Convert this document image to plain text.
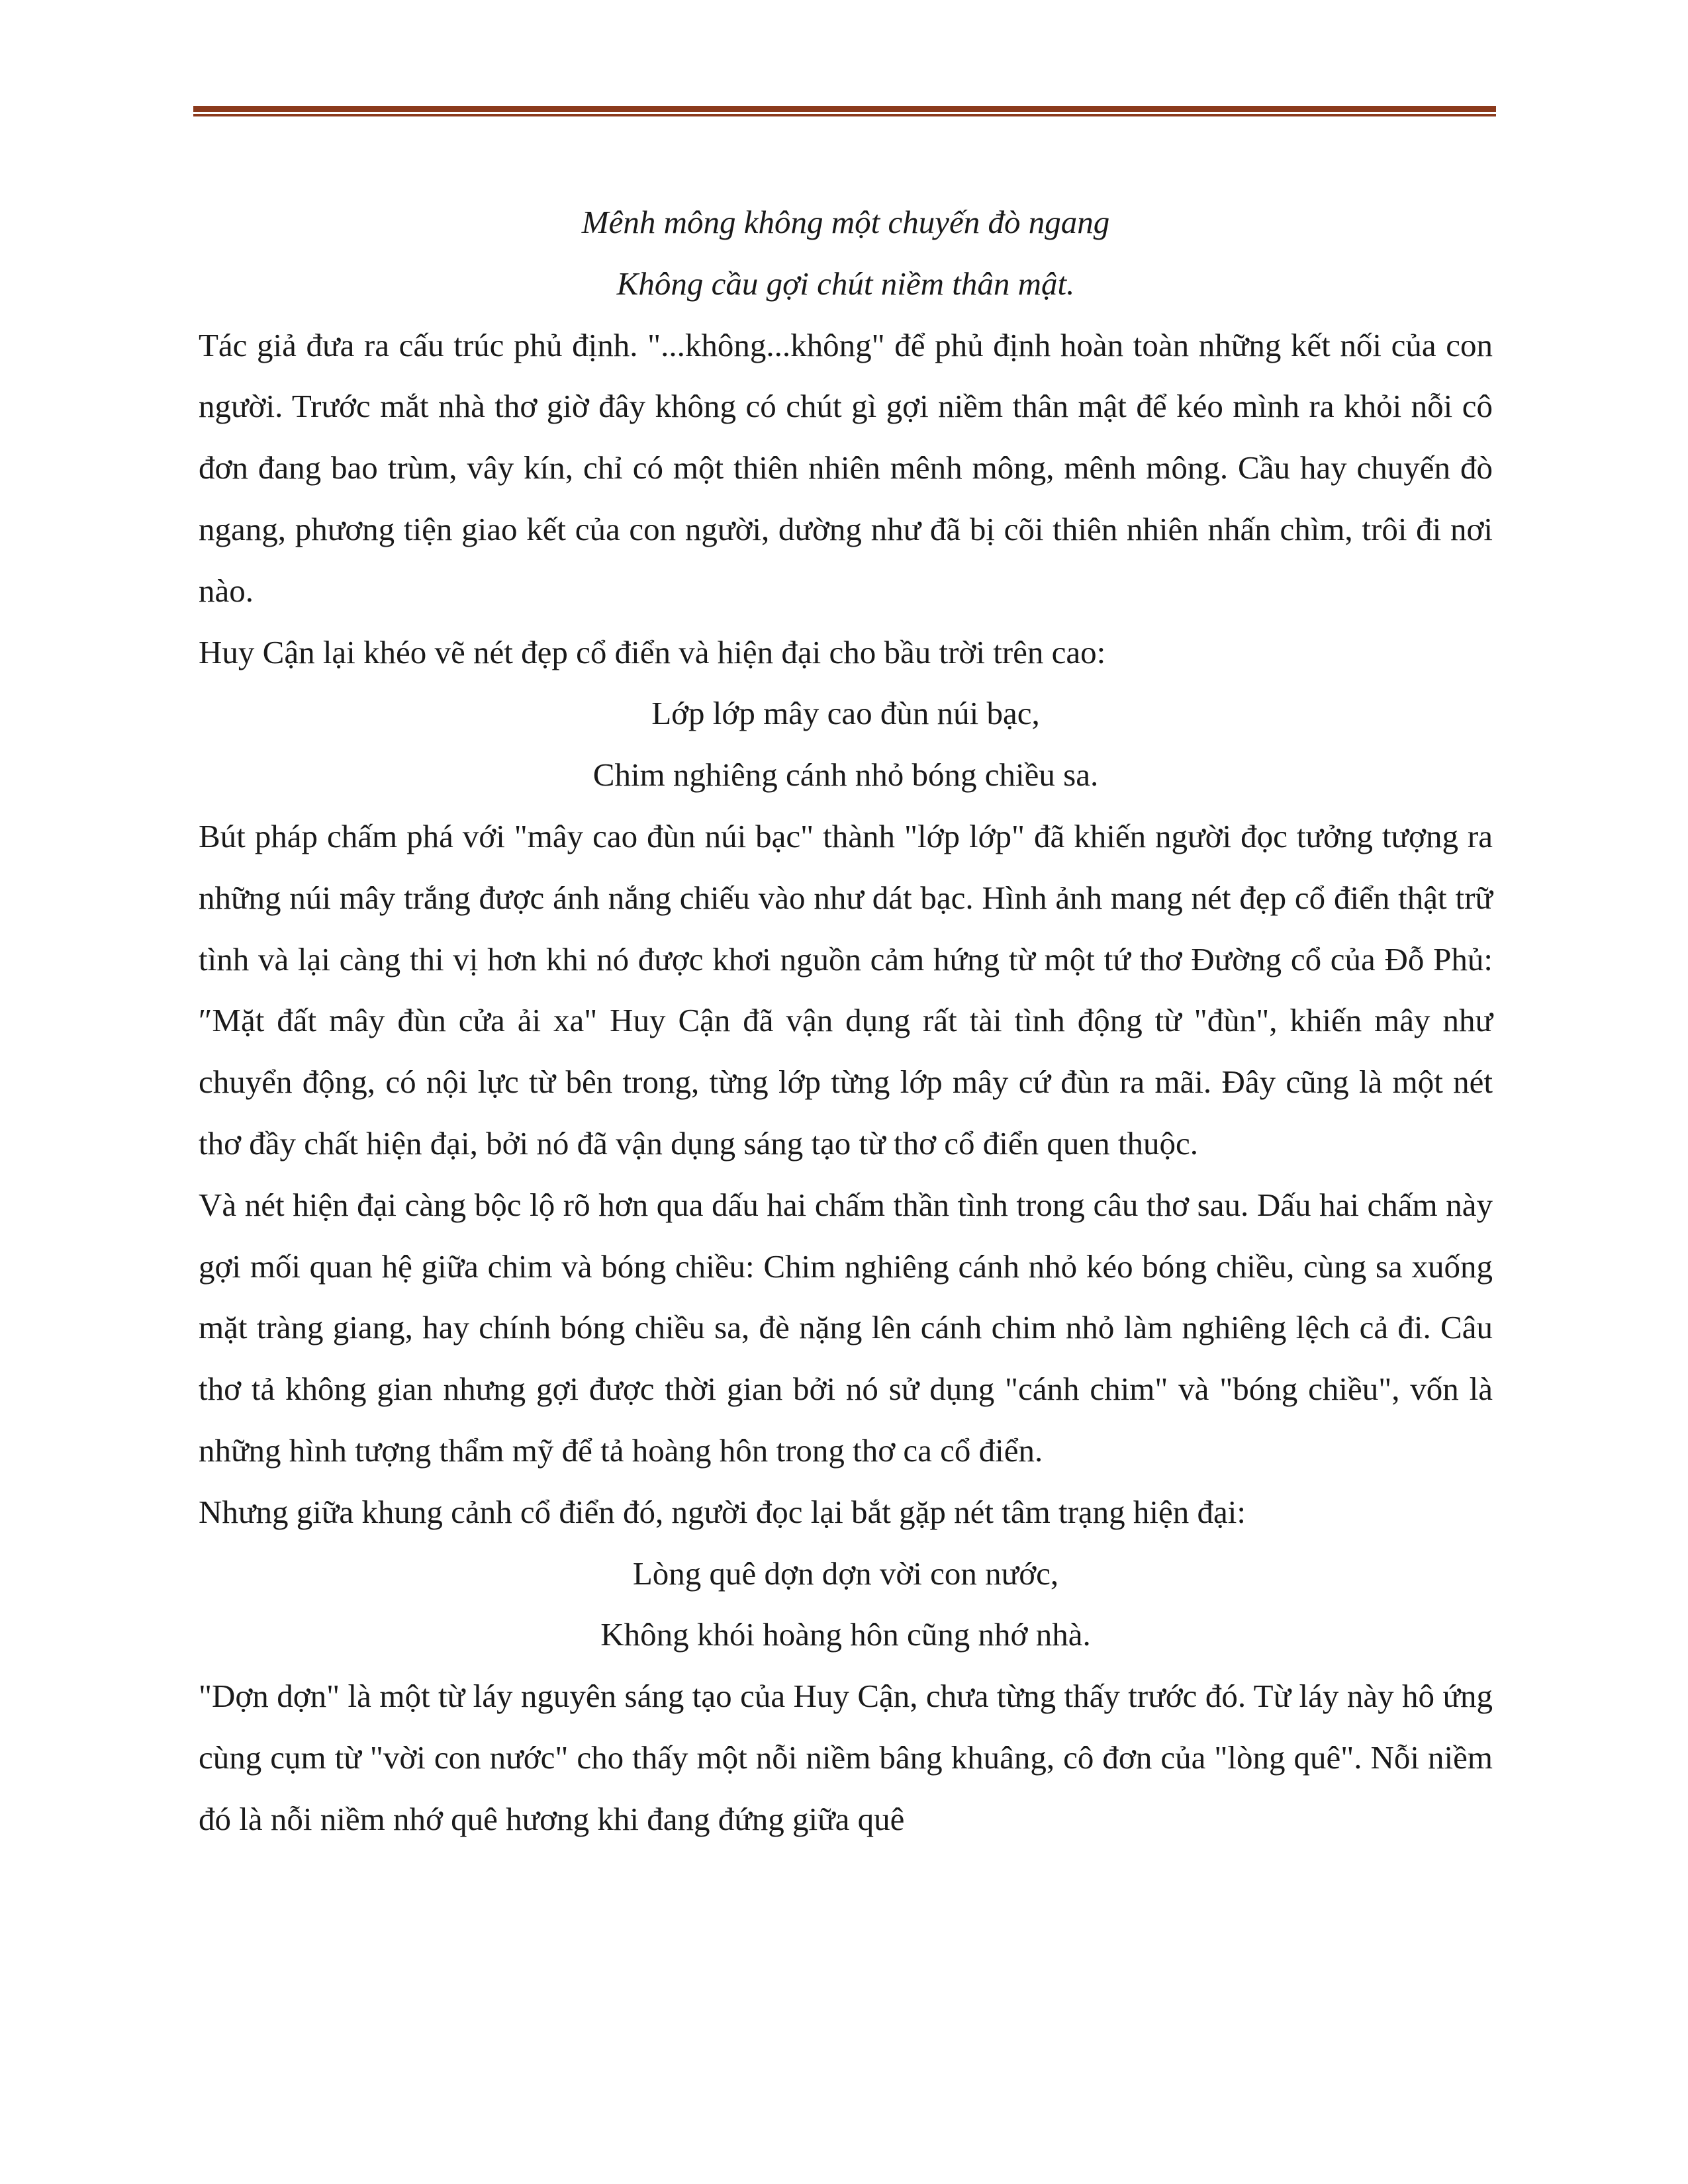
Mênh mông không một chuyến đò ngang

Không cầu gợi chút niềm thân mật.

Tác giả đưa ra cấu trúc phủ định. "...không...không" để phủ định hoàn toàn những kết nối của con người. Trước mắt nhà thơ giờ đây không có chút gì gợi niềm thân mật để kéo mình ra khỏi nỗi cô đơn đang bao trùm, vây kín, chỉ có một thiên nhiên mênh mông, mênh mông. Cầu hay chuyến đò ngang, phương tiện giao kết của con người, dường như đã bị cõi thiên nhiên nhấn chìm, trôi đi nơi nào.

Huy Cận lại khéo vẽ nét đẹp cổ điển và hiện đại cho bầu trời trên cao:

Lớp lớp mây cao đùn núi bạc,

Chim nghiêng cánh nhỏ bóng chiều sa.

Bút pháp chấm phá với "mây cao đùn núi bạc" thành "lớp lớp" đã khiến người đọc tưởng tượng ra những núi mây trắng được ánh nắng chiếu vào như dát bạc. Hình ảnh mang nét đẹp cổ điển thật trữ tình và lại càng thi vị hơn khi nó được khơi nguồn cảm hứng từ một tứ thơ Đường cổ của Đỗ Phủ: ″Mặt đất mây đùn cửa ải xa" Huy Cận đã vận dụng rất tài tình động từ "đùn", khiến mây như chuyển động, có nội lực từ bên trong, từng lớp từng lớp mây cứ đùn ra mãi. Đây cũng là một nét thơ đầy chất hiện đại, bởi nó đã vận dụng sáng tạo từ thơ cổ điển quen thuộc.

Và nét hiện đại càng bộc lộ rõ hơn qua dấu hai chấm thần tình trong câu thơ sau. Dấu hai chấm này gợi mối quan hệ giữa chim và bóng chiều: Chim nghiêng cánh nhỏ kéo bóng chiều, cùng sa xuống mặt tràng giang, hay chính bóng chiều sa, đè nặng lên cánh chim nhỏ làm nghiêng lệch cả đi. Câu thơ tả không gian nhưng gợi được thời gian bởi nó sử dụng "cánh chim" và "bóng chiều", vốn là những hình tượng thẩm mỹ để tả hoàng hôn trong thơ ca cổ điển.

Nhưng giữa khung cảnh cổ điển đó, người đọc lại bắt gặp nét tâm trạng hiện đại:

Lòng quê dợn dợn vời con nước,

Không khói hoàng hôn cũng nhớ nhà.

"Dợn dợn" là một từ láy nguyên sáng tạo của Huy Cận, chưa từng thấy trước đó. Từ láy này hô ứng cùng cụm từ "vời con nước" cho thấy một nỗi niềm bâng khuâng, cô đơn của "lòng quê". Nỗi niềm đó là nỗi niềm nhớ quê hương khi đang đứng giữa quê
